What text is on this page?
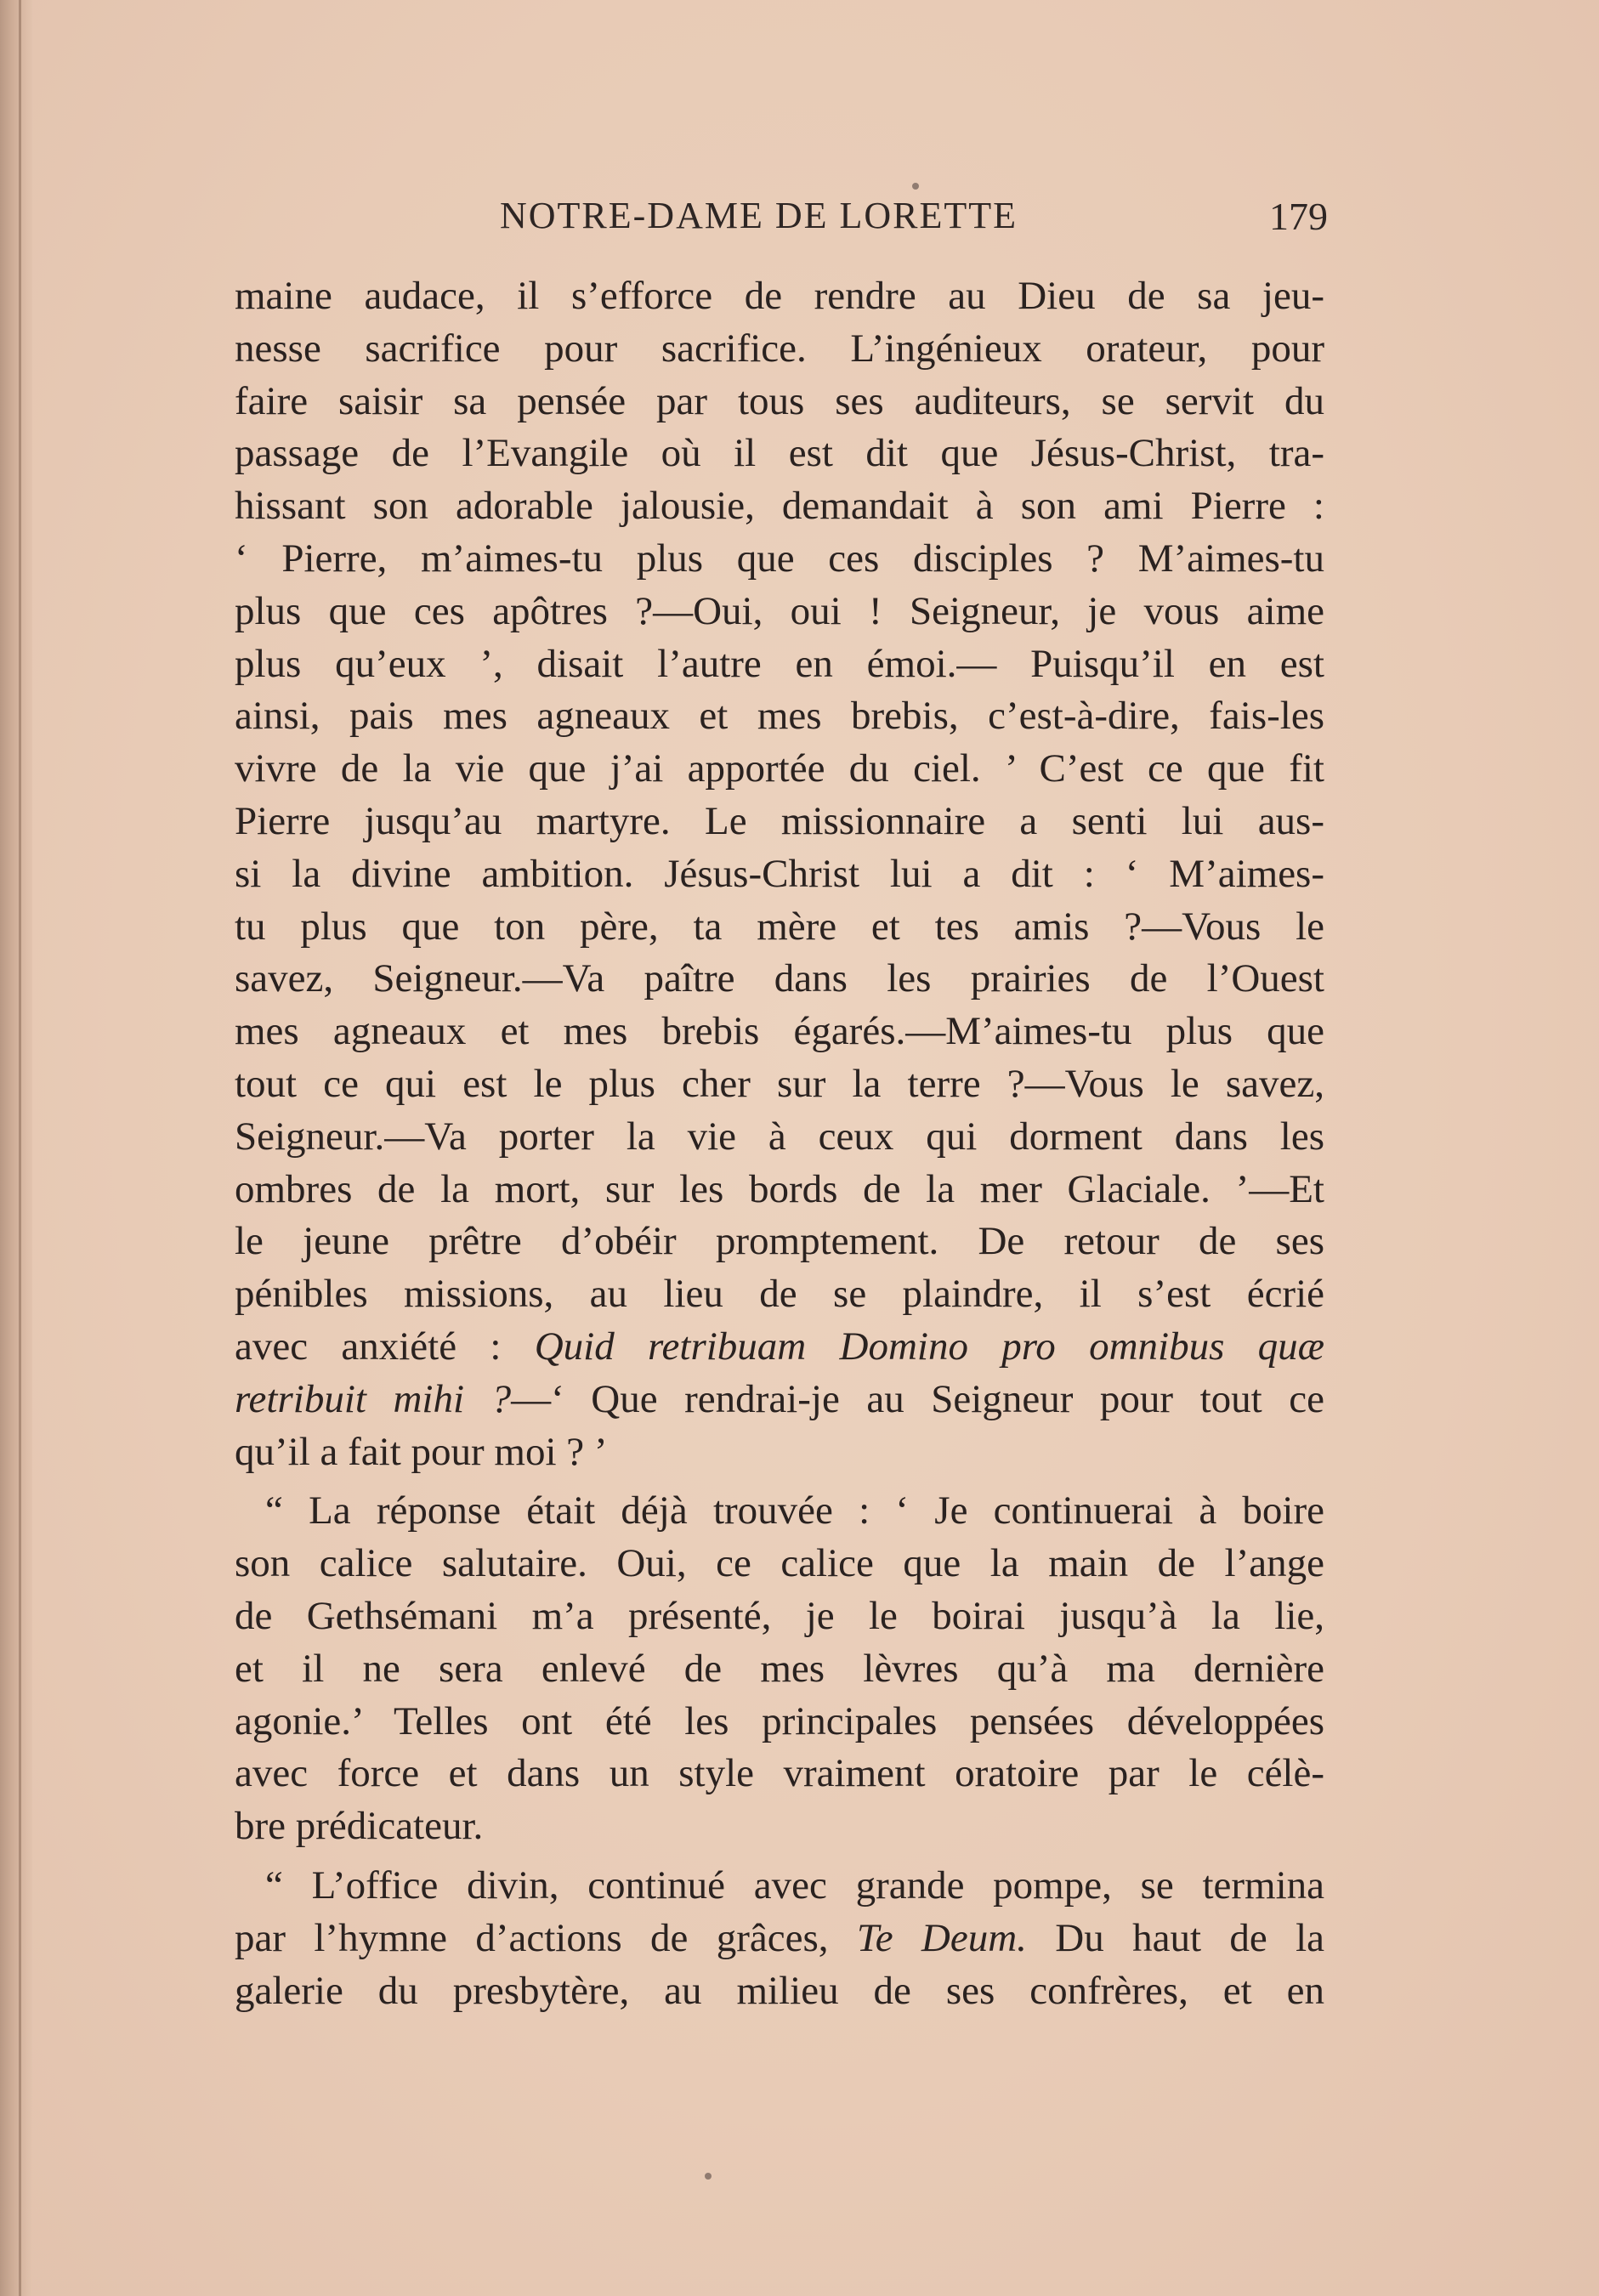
NOTRE-DAME DE LORETTE	179
maine audace, il s’efforce de rendre au Dieu de sa jeu-
nesse sacrifice pour sacrifice. L’ingénieux orateur, pour
faire saisir sa pensée par tous ses auditeurs, se servit du
passage de l’Evangile où il est dit que Jésus-Christ, tra-
hissant son adorable jalousie, demandait à son ami Pierre :
‘ Pierre, m’aimes-tu plus que ces disciples ? M’aimes-tu
plus que ces apôtres ?—Oui, oui ! Seigneur, je vous aime
plus qu’eux ’, disait l’autre en émoi.— Puisqu’il en est
ainsi, pais mes agneaux et mes brebis, c’est-à-dire, fais-les
vivre de la vie que j’ai apportée du ciel. ’ C’est ce que fit
Pierre jusqu’au martyre. Le missionnaire a senti lui aus-
si la divine ambition. Jésus-Christ lui a dit : ‘ M’aimes-
tu plus que ton père, ta mère et tes amis ?—Vous le
savez, Seigneur.—Va paître dans les prairies de l’Ouest
mes agneaux et mes brebis égarés.—M’aimes-tu plus que
tout ce qui est le plus cher sur la terre ?—Vous le savez,
Seigneur.—Va porter la vie à ceux qui dorment dans les
ombres de la mort, sur les bords de la mer Glaciale. ’—Et
le jeune prêtre d’obéir promptement. De retour de ses
pénibles missions, au lieu de se plaindre, il s’est écrié
avec anxiété : Quid retribuam Domino pro omnibus quæ
retribuit mihi ?—‘ Que rendrai-je au Seigneur pour tout ce
qu’il a fait pour moi ? ’
“ La réponse était déjà trouvée : ‘ Je continuerai à boire
son calice salutaire. Oui, ce calice que la main de l’ange
de Gethsémani m’a présenté, je le boirai jusqu’à la lie,
et il ne sera enlevé de mes lèvres qu’à ma dernière
agonie.’ Telles ont été les principales pensées développées
avec force et dans un style vraiment oratoire par le célè-
bre prédicateur.
“ L’office divin, continué avec grande pompe, se termina
par l’hymne d’actions de grâces, Te Deum. Du haut de la
galerie du presbytère, au milieu de ses confrères, et en
